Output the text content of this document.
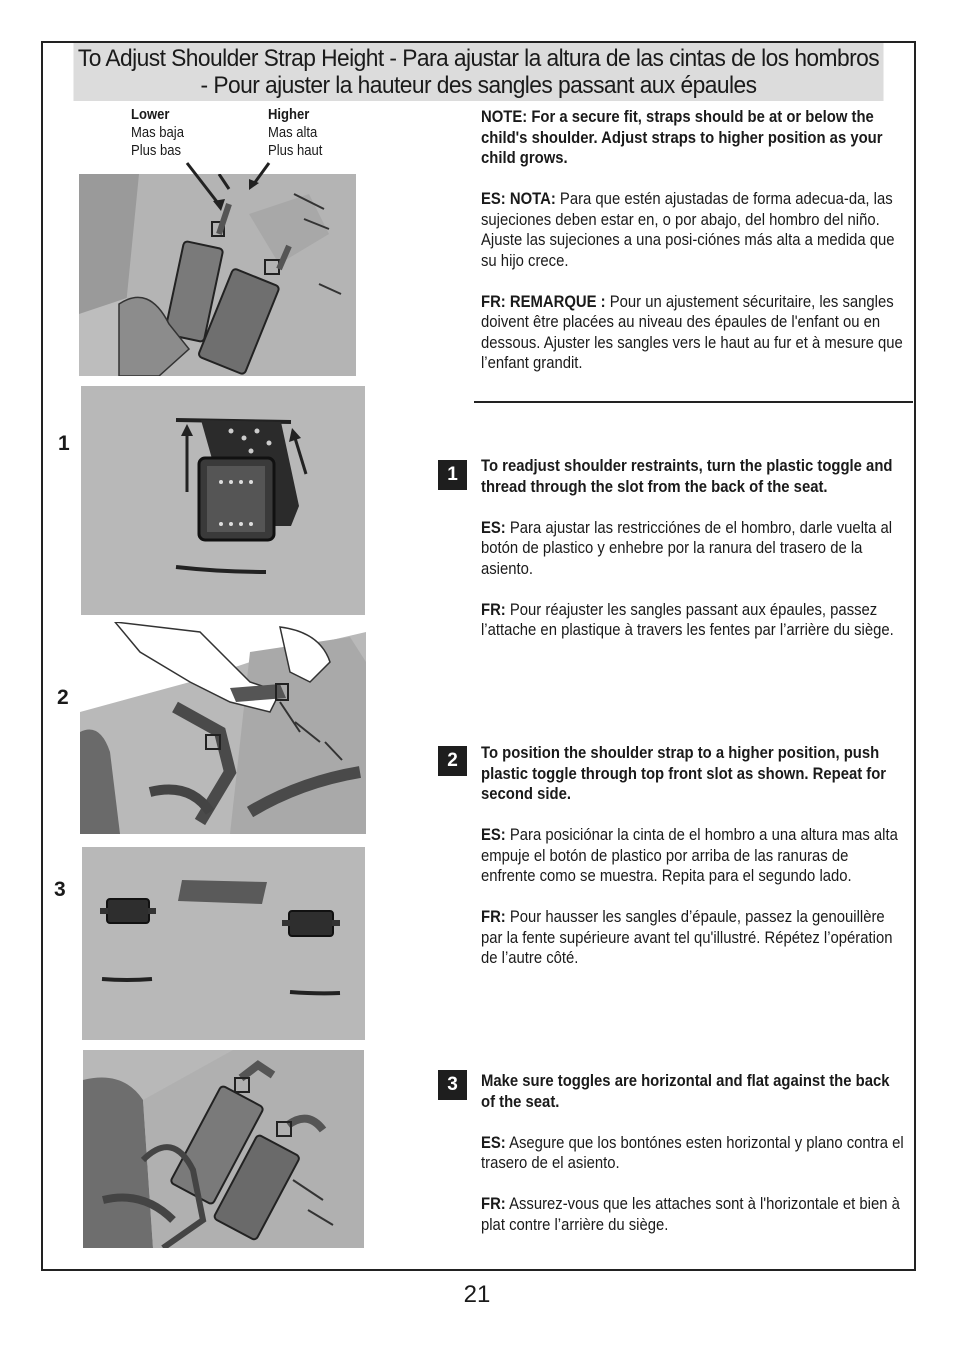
To Adjust Shoulder Strap Height - Para ajustar la altura de las cintas de los hombros - Pour ajuster la hauteur des sangles passant aux épaules
Lower
Mas baja
Plus bas
Higher
Mas alta
Plus haut
1
2
3

NOTE: For a secure fit, straps should be at or below the child's shoulder. Adjust straps to higher position as your child grows.

ES: NOTA: Para que estén ajustadas de forma adecua-da, las sujeciones deben estar en, o por abajo, del hombro del niño. Ajuste las sujeciones a una posi-ciónes más alta a medida que su hijo crece.

FR: REMARQUE : Pour un ajustement sécuritaire, les sangles doivent être placées au niveau des épaules de l'enfant ou en dessous. Ajuster les sangles vers le haut au fur et à mesure que l’enfant grandit.

1	To readjust shoulder restraints, turn the plastic toggle and thread through the slot from the back of the seat.

ES: Para ajustar las restricciónes de el hombro, darle vuelta al botón de plastico y enhebre por la ranura del trasero de la asiento.

FR: Pour réajuster les sangles passant aux épaules, passez l’attache en plastique à travers les fentes par l’arrière du siège.

2	To position the shoulder strap to a higher position, push plastic toggle through top front slot as shown. Repeat for second side.

ES: Para posiciónar la cinta de el hombro a una altura mas alta empuje el botón de plastico por arriba de las ranuras de enfrente como se muestra. Repita para el segundo lado.

FR: Pour hausser les sangles d’épaule, passez la genouillère par la fente supérieure avant tel qu'illustré. Répétez l’opération de l’autre côté.

3	Make sure toggles are horizontal and flat against the back of the seat.

ES: Asegure que los bontónes esten horizontal y plano contra el trasero de el asiento.

FR: Assurez-vous que les attaches sont à l'horizontale et bien à plat contre l’arrière du siège.

21
